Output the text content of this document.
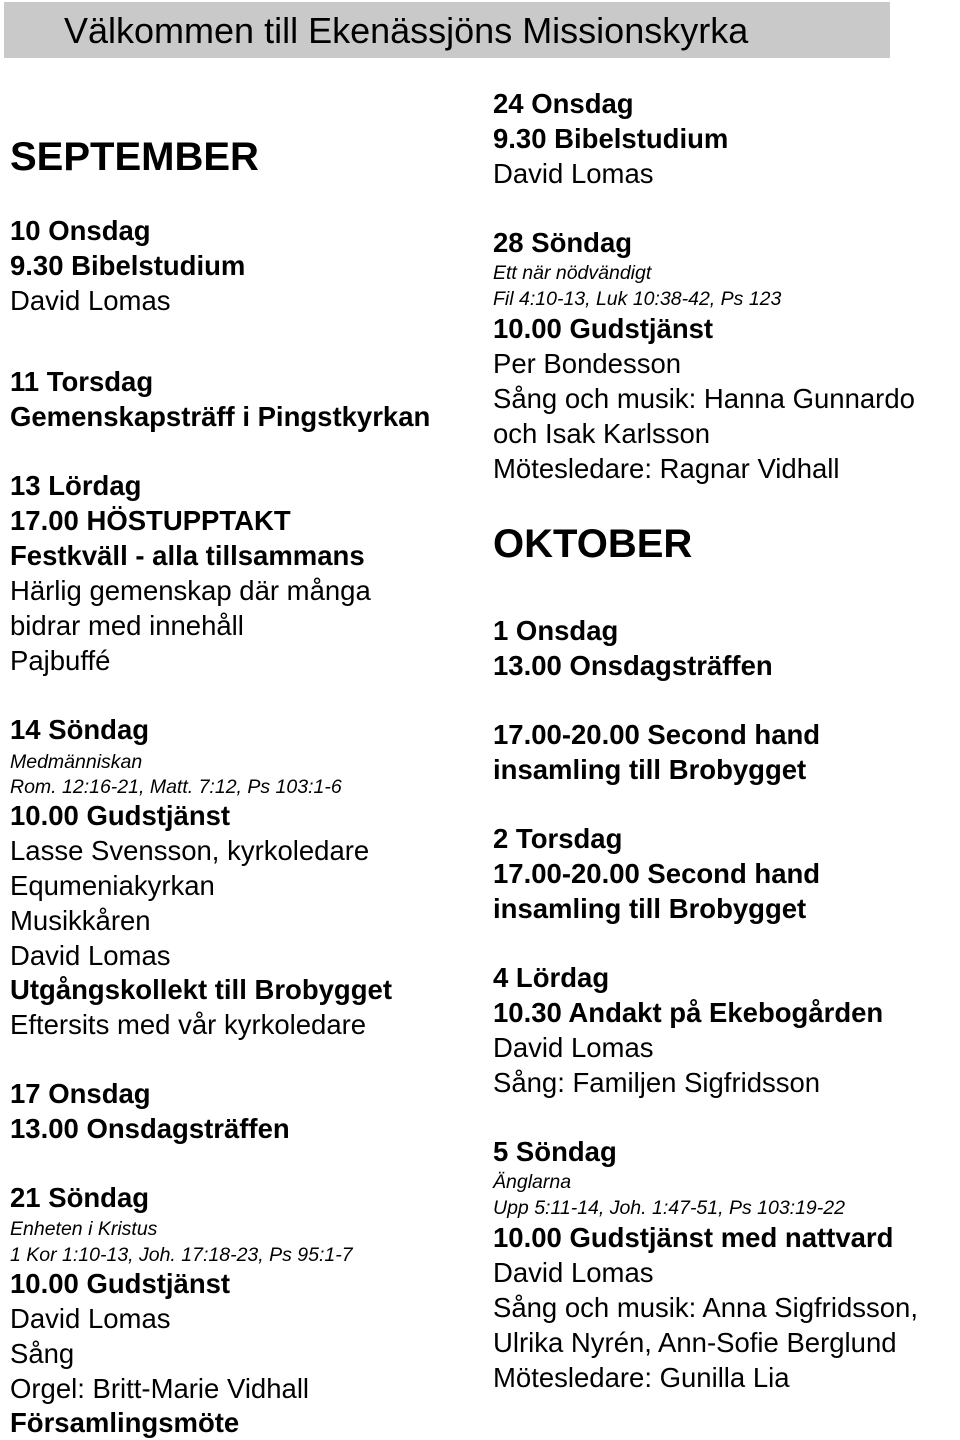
Välkommen till Ekenässjöns Missionskyrka
SEPTEMBER
10 Onsdag
9.30 Bibelstudium
David Lomas
11 Torsdag
Gemenskapsträff i Pingstkyrkan
13 Lördag
17.00 HÖSTUPPTAKT
Festkväll - alla tillsammans
Härlig gemenskap där många
bidrar med innehåll
Pajbuffé
14 Söndag
Medmänniskan
Rom. 12:16-21, Matt. 7:12, Ps 103:1-6
10.00 Gudstjänst
Lasse Svensson, kyrkoledare
Equmeniakyrkan
Musikkåren
David Lomas
Utgångskollekt till Brobygget
Eftersits med vår kyrkoledare
17 Onsdag
13.00 Onsdagsträffen
21 Söndag
Enheten i Kristus
1 Kor 1:10-13, Joh. 17:18-23, Ps 95:1-7
10.00 Gudstjänst
David Lomas
Sång
Orgel: Britt-Marie Vidhall
Församlingsmöte
24 Onsdag
9.30 Bibelstudium
David Lomas
28 Söndag
Ett när nödvändigt
Fil 4:10-13, Luk 10:38-42, Ps 123
10.00 Gudstjänst
Per Bondesson
Sång och musik: Hanna Gunnardo
och Isak Karlsson
Mötesledare: Ragnar Vidhall
OKTOBER
1 Onsdag
13.00 Onsdagsträffen
17.00-20.00 Second hand
insamling till Brobygget
2 Torsdag
17.00-20.00 Second hand
insamling till Brobygget
4 Lördag
10.30 Andakt på Ekebogården
David Lomas
Sång: Familjen Sigfridsson
5 Söndag
Änglarna
Upp 5:11-14, Joh. 1:47-51, Ps 103:19-22
10.00 Gudstjänst med nattvard
David Lomas
Sång och musik: Anna Sigfridsson,
Ulrika Nyrén, Ann-Sofie Berglund
Mötesledare: Gunilla Lia
